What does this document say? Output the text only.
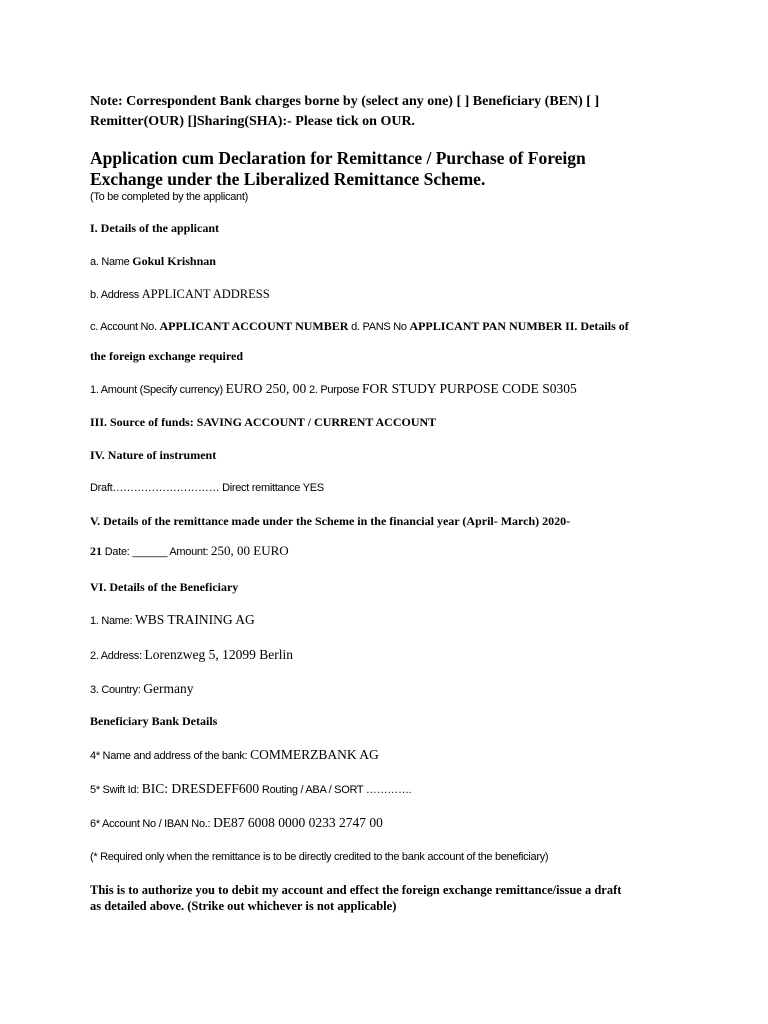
Note: Correspondent Bank charges borne by (select any one) [ ] Beneficiary (BEN) [ ]
Remitter(OUR) []Sharing(SHA):- Please tick on OUR.
Application cum Declaration for Remittance / Purchase of Foreign
Exchange under the Liberalized Remittance Scheme.
(To be completed by the applicant)
I. Details of the applicant
a. Name Gokul Krishnan
b. Address APPLICANT ADDRESS
c. Account No. APPLICANT ACCOUNT NUMBER d. PANS No APPLICANT PAN NUMBER II. Details of
the foreign exchange required
1. Amount (Specify currency) EURO 250, 00 2. Purpose FOR STUDY PURPOSE CODE S0305
III. Source of funds: SAVING ACCOUNT / CURRENT ACCOUNT
IV. Nature of instrument
Draft………………………… Direct remittance YES
V. Details of the remittance made under the Scheme in the financial year (April- March) 2020-
21 Date: ______ Amount: 250, 00 EURO
VI. Details of the Beneficiary
1. Name: WBS TRAINING AG
2. Address: Lorenzweg 5, 12099 Berlin
3. Country: Germany
Beneficiary Bank Details
4* Name and address of the bank: COMMERZBANK AG
5* Swift Id: BIC: DRESDEFF600 Routing / ABA / SORT ………….
6* Account No / IBAN No.: DE87 6008 0000 0233 2747 00
(* Required only when the remittance is to be directly credited to the bank account of the beneficiary)
This is to authorize you to debit my account and effect the foreign exchange remittance/issue a draft
as detailed above. (Strike out whichever is not applicable)
